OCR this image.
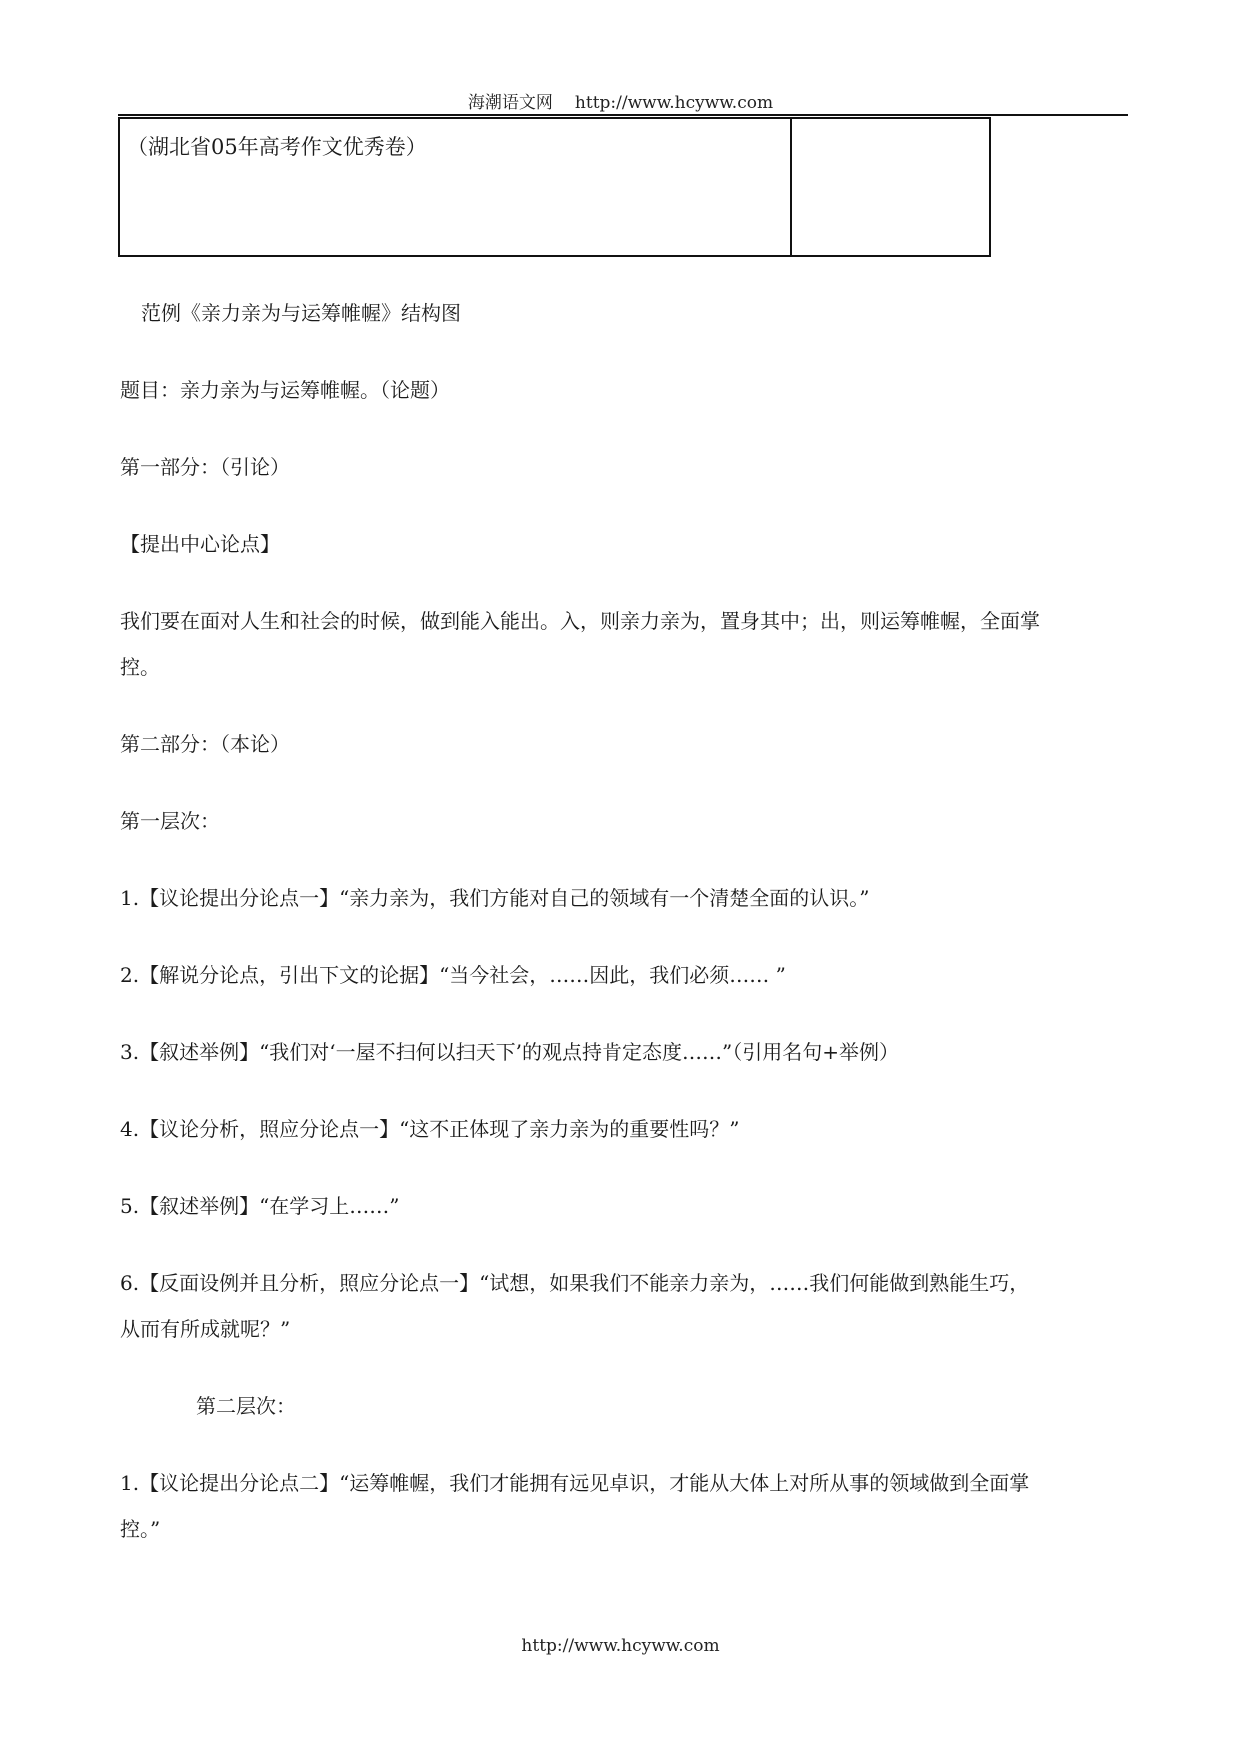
海潮语文网 http://www.hcyww.com
（湖北省05年高考作文优秀卷）
范例《亲力亲为与运筹帷幄》结构图
题目：亲力亲为与运筹帷幄。（论题）
第一部分：（引论）
【提出中心论点】
我们要在面对人生和社会的时候，做到能入能出。入，则亲力亲为，置身其中；出，则运筹帷幄，全面掌
控。
第二部分：（本论）
第一层次：
1.【议论提出分论点一】“亲力亲为，我们方能对自己的领域有一个清楚全面的认识。”
2.【解说分论点，引出下文的论据】“当今社会，……因此，我们必须…… ”
3.【叙述举例】“我们对‘一屋不扫何以扫天下’的观点持肯定态度……”（引用名句+举例）
4.【议论分析，照应分论点一】“这不正体现了亲力亲为的重要性吗？”
5.【叙述举例】“在学习上……”
6.【反面设例并且分析，照应分论点一】“试想，如果我们不能亲力亲为，……我们何能做到熟能生巧，
从而有所成就呢？”
第二层次：
1.【议论提出分论点二】“运筹帷幄，我们才能拥有远见卓识，才能从大体上对所从事的领域做到全面掌
控。”
http://www.hcyww.com
